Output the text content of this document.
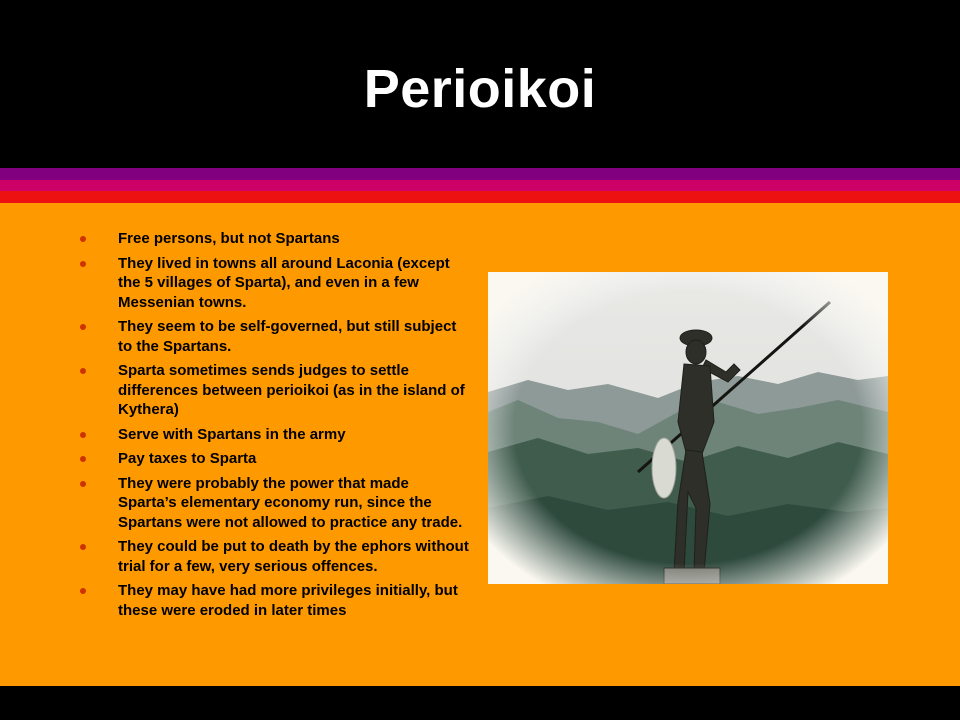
Perioikoi
Free persons, but not Spartans
They lived in towns all around Laconia (except the 5 villages of Sparta), and even in a few Messenian towns.
They seem to be self-governed, but still subject to the Spartans.
Sparta sometimes sends judges to settle differences between perioikoi (as in the island of Kythera)
Serve with Spartans in the army
Pay taxes to Sparta
They were probably the power that made Sparta’s elementary economy run, since the Spartans were not allowed to practice any trade.
They could be put to death by the ephors without trial for a few, very serious offences.
They may have had more privileges initially, but these were eroded in later times
